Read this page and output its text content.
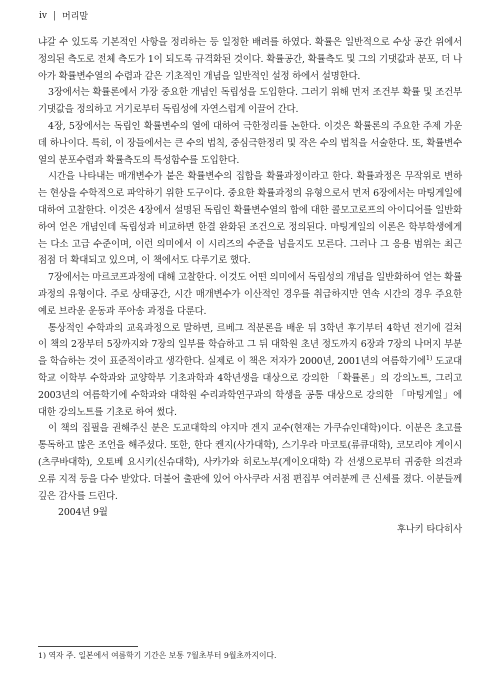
iv | 머리말

냐갈 수 있도록 기본적인 사항을 정리하는 등 일정한 배려를 하였다. 확률은 일반적으로 수상 공간 위에서 정의된 측도로 전체 측도가 1이 되도록 규격화된 것이다. 확률공간, 확률측도 및 그의 기댓값과 분포, 더 나아가 확률변수열의 수렴과 같은 기초적인 개념을 일반적인 설정 하에서 설명한다.

3장에서는 확률론에서 가장 중요한 개념인 독립성을 도입한다. 그러기 위해 먼저 조건부 확률 및 조건부 기댓값을 정의하고 거기로부터 독립성에 자연스럽게 이끌어 간다.

4장, 5장에서는 독립인 확률변수의 열에 대하여 극한정리를 논한다. 이것은 확률론의 주요한 주제 가운데 하나이다. 특히, 이 장들에서는 큰 수의 법칙, 중심극한정리 및 작은 수의 법칙을 서술한다. 또, 확률변수열의 분포수렴과 확률측도의 특성함수를 도입한다.

시간을 나타내는 매개변수가 붙은 확률변수의 집합을 확률과정이라고 한다. 확률과정은 무작위로 변하는 현상을 수학적으로 파악하기 위한 도구이다. 중요한 확률과정의 유형으로서 먼저 6장에서는 마팅게일에 대하여 고찰한다. 이것은 4장에서 설명된 독립인 확률변수열의 합에 대한 콜모고로프의 아이디어를 일반화하여 얻은 개념인데 독립성과 비교하면 한결 완화된 조건으로 정의된다. 마팅게일의 이론은 학부학생에게는 다소 고급 수준이며, 이런 의미에서 이 시리즈의 수준을 넘을지도 모른다. 그러나 그 응용 범위는 최근 점점 더 확대되고 있으며, 이 책에서도 다루기로 했다.

7장에서는 마르코프과정에 대해 고찰한다. 이것도 어떤 의미에서 독립성의 개념을 일반화하여 얻는 확률과정의 유형이다. 주로 상태공간, 시간 매개변수가 이산적인 경우를 취급하지만 연속 시간의 경우 주요한 예로 브라운 운동과 푸아송 과정을 다룬다.

통상적인 수학과의 교육과정으로 말하면, 르베그 적분론을 배운 뒤 3학년 후기부터 4학년 전기에 걸쳐 이 책의 2장부터 5장까지와 7장의 일부를 학습하고 그 뒤 대학원 초년 정도까지 6장과 7장의 나머지 부분을 학습하는 것이 표준적이라고 생각한다. 실제로 이 책은 저자가 2000년, 2001년의 여름학기에$^{1)}$ 도교대학교 이학부 수학과와 교양학부 기초과학과 4학년생을 대상으로 강의한 「확률론」의 강의노트, 그리고 2003년의 여름학기에 수학과와 대학원 수리과학연구과의 학생을 공통 대상으로 강의한 「마팅게일」에 대한 강의노트를 기초로 하여 썼다.

이 책의 집필을 권해주신 분은 도교대학의 야지마 겐지 교수(현재는 가쿠슈인대학)이다. 이분은 초고를 통독하고 많은 조언을 해주셨다. 또한, 한다 켄지(사가대학), 스기우라 마코토(류큐대학), 코모리야 게이시(츠쿠바대학), 오토베 요시키(신슈대학), 사카가와 히로노부(게이오대학) 각 선생으로부터 귀중한 의견과 오류 지적 등을 다수 받았다. 더불어 출판에 있어 아사쿠라 서점 편집부 여러분께 큰 신세를 졌다. 이분들께 깊은 감사를 드린다.

2004년 9월

후나키 타다히사

1) 역자 주. 일본에서 여름학기 기간은 보통 7월초부터 9월초까지이다.
